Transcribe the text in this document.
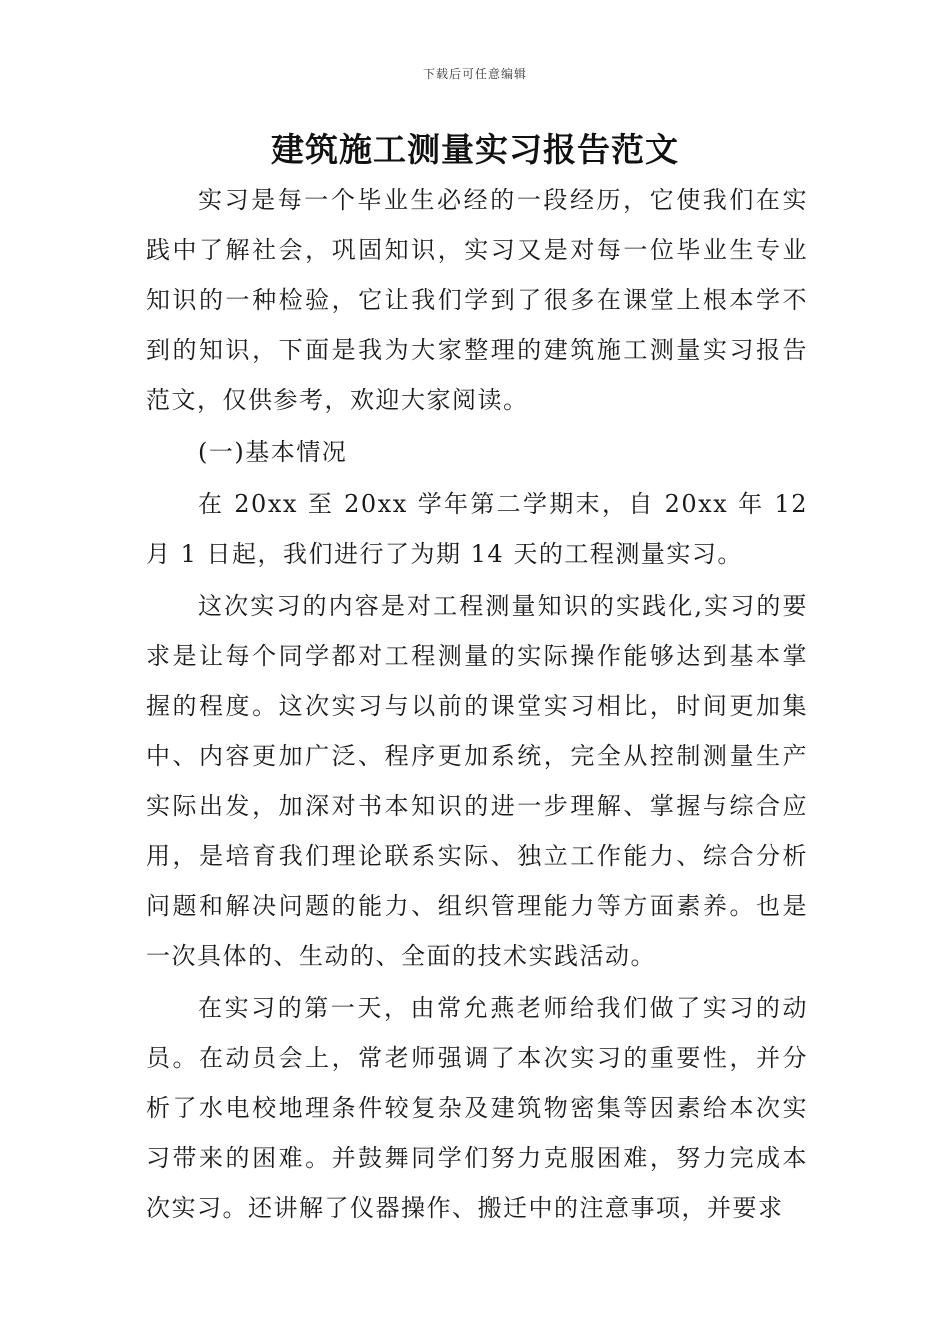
下载后可任意编辑
建筑施工测量实习报告范文

实习是每一个毕业生必经的一段经历，它使我们在实践中了解社会，巩固知识，实习又是对每一位毕业生专业知识的一种检验，它让我们学到了很多在课堂上根本学不到的知识，下面是我为大家整理的建筑施工测量实习报告范文，仅供参考，欢迎大家阅读。

(一)基本情况

在 20xx 至 20xx 学年第二学期末，自 20xx 年 12 月 1 日起，我们进行了为期 14 天的工程测量实习。

这次实习的内容是对工程测量知识的实践化,实习的要求是让每个同学都对工程测量的实际操作能够达到基本掌握的程度。这次实习与以前的课堂实习相比，时间更加集中、内容更加广泛、程序更加系统，完全从控制测量生产实际出发，加深对书本知识的进一步理解、掌握与综合应用，是培育我们理论联系实际、独立工作能力、综合分析问题和解决问题的能力、组织管理能力等方面素养。也是一次具体的、生动的、全面的技术实践活动。

在实习的第一天，由常允燕老师给我们做了实习的动员。在动员会上，常老师强调了本次实习的重要性，并分析了水电校地理条件较复杂及建筑物密集等因素给本次实习带来的困难。并鼓舞同学们努力克服困难，努力完成本次实习。还讲解了仪器操作、搬迁中的注意事项，并要求
